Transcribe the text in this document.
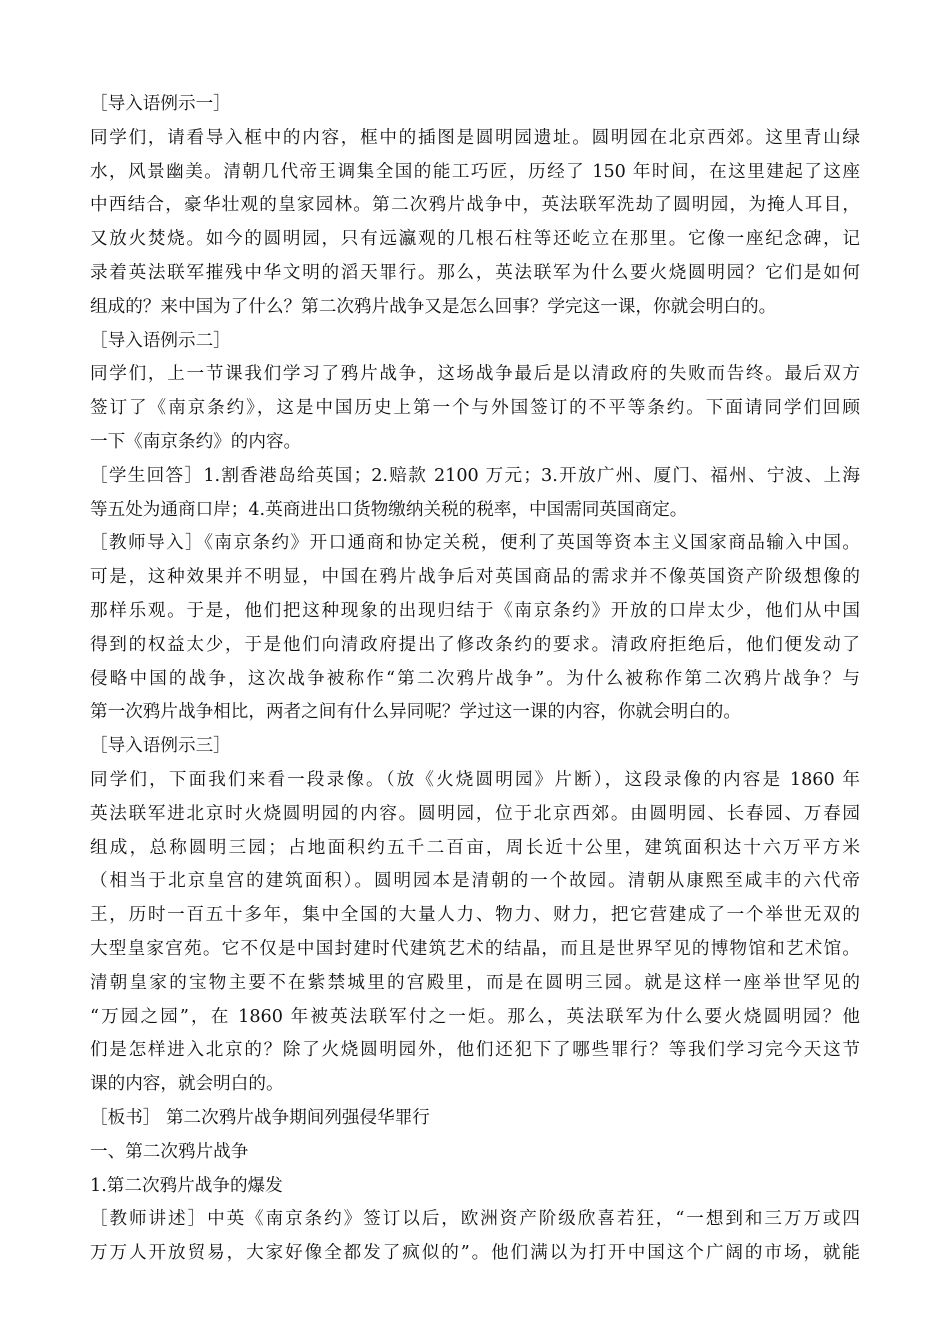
［导入语例示一］
同学们，请看导入框中的内容，框中的插图是圆明园遗址。圆明园在北京西郊。这里青山绿
水，风景幽美。清朝几代帝王调集全国的能工巧匠，历经了 150 年时间，在这里建起了这座
中西结合，豪华壮观的皇家园林。第二次鸦片战争中，英法联军洗劫了圆明园，为掩人耳目，
又放火焚烧。如今的圆明园，只有远瀛观的几根石柱等还屹立在那里。它像一座纪念碑，记
录着英法联军摧残中华文明的滔天罪行。那么，英法联军为什么要火烧圆明园？它们是如何
组成的？来中国为了什么？第二次鸦片战争又是怎么回事？学完这一课，你就会明白的。
［导入语例示二］
同学们，上一节课我们学习了鸦片战争，这场战争最后是以清政府的失败而告终。最后双方
签订了《南京条约》，这是中国历史上第一个与外国签订的不平等条约。下面请同学们回顾
一下《南京条约》的内容。
［学生回答］1.割香港岛给英国；2.赔款 2100 万元；3.开放广州、厦门、福州、宁波、上海
等五处为通商口岸；4.英商进出口货物缴纳关税的税率，中国需同英国商定。
［教师导入］《南京条约》开口通商和协定关税，便利了英国等资本主义国家商品输入中国。
可是，这种效果并不明显，中国在鸦片战争后对英国商品的需求并不像英国资产阶级想像的
那样乐观。于是，他们把这种现象的出现归结于《南京条约》开放的口岸太少，他们从中国
得到的权益太少，于是他们向清政府提出了修改条约的要求。清政府拒绝后，他们便发动了
侵略中国的战争，这次战争被称作“第二次鸦片战争”。为什么被称作第二次鸦片战争？与
第一次鸦片战争相比，两者之间有什么异同呢？学过这一课的内容，你就会明白的。
［导入语例示三］
同学们，下面我们来看一段录像。（放《火烧圆明园》片断），这段录像的内容是 1860 年
英法联军进北京时火烧圆明园的内容。圆明园，位于北京西郊。由圆明园、长春园、万春园
组成，总称圆明三园；占地面积约五千二百亩，周长近十公里，建筑面积达十六万平方米
（相当于北京皇宫的建筑面积）。圆明园本是清朝的一个故园。清朝从康熙至咸丰的六代帝
王，历时一百五十多年，集中全国的大量人力、物力、财力，把它营建成了一个举世无双的
大型皇家宫苑。它不仅是中国封建时代建筑艺术的结晶，而且是世界罕见的博物馆和艺术馆。
清朝皇家的宝物主要不在紫禁城里的宫殿里，而是在圆明三园。就是这样一座举世罕见的
“万园之园”，在 1860 年被英法联军付之一炬。那么，英法联军为什么要火烧圆明园？他
们是怎样进入北京的？除了火烧圆明园外，他们还犯下了哪些罪行？等我们学习完今天这节
课的内容，就会明白的。
［板书］ 第二次鸦片战争期间列强侵华罪行
一、第二次鸦片战争
1.第二次鸦片战争的爆发
［教师讲述］中英《南京条约》签订以后，欧洲资产阶级欣喜若狂，“一想到和三万万或四
万万人开放贸易，大家好像全都发了疯似的”。他们满以为打开中国这个广阔的市场，就能
